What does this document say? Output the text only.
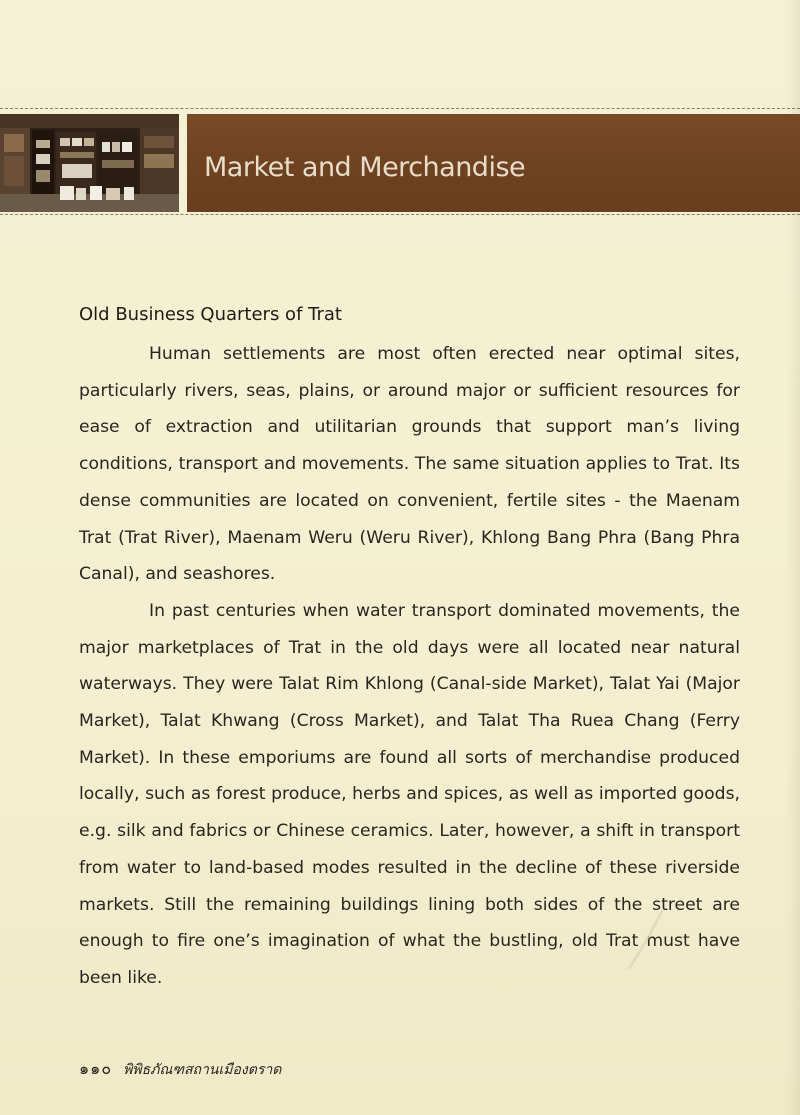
Market and Merchandise
Old Business Quarters of Trat

Human settlements are most often erected near optimal sites, particularly rivers, seas, plains, or around major or sufficient resources for ease of extraction and utilitarian grounds that support man’s living conditions, transport and movements. The same situation applies to Trat. Its dense communities are located on convenient, fertile sites - the Maenam Trat (Trat River), Maenam Weru (Weru River), Khlong Bang Phra (Bang Phra Canal), and seashores.

In past centuries when water transport dominated movements, the major marketplaces of Trat in the old days were all located near natural waterways. They were Talat Rim Khlong (Canal-side Market), Talat Yai (Major Market), Talat Khwang (Cross Market), and Talat Tha Ruea Chang (Ferry Market). In these emporiums are found all sorts of merchandise produced locally, such as forest produce, herbs and spices, as well as imported goods, e.g. silk and fabrics or Chinese ceramics. Later, however, a shift in transport from water to land-based modes resulted in the decline of these riverside markets. Still the remaining buildings lining both sides of the street are enough to fire one’s imagination of what the bustling, old Trat must have been like.

๑๑๐ พิพิธภัณฑสถานเมืองตราด
